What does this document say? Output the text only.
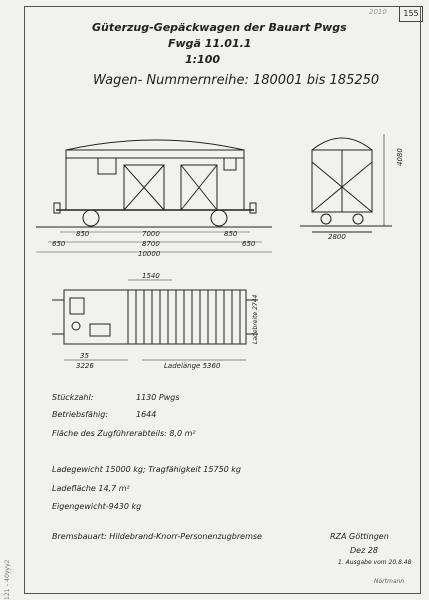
155
2010
121 – 40yyy2
Güterzug-Gepäckwagen der Bauart Pwgs
Fwgä 11.01.1
1:100
Wagen- Nummernreihe: 180001 bis 185250
850	7000	850
650	8700	650
10000
2800
4080
1540
35
3226	Ladelänge 5360
Ladebreite 2744
Stückzahl:	1130 Pwgs
Betriebsfähig:	1644
Fläche des Zugführerabteils: 8,0 m²
Ladegewicht 15000 kg; Tragfähigkeit 15750 kg
Ladefläche 14,7 m²
Eigengewicht-9430 kg
Bremsbauart: Hildebrand-Knorr-Personenzugbremse	RZA Göttingen
Dez 28
1. Ausgabe vom 20.8.48
Nortmann
